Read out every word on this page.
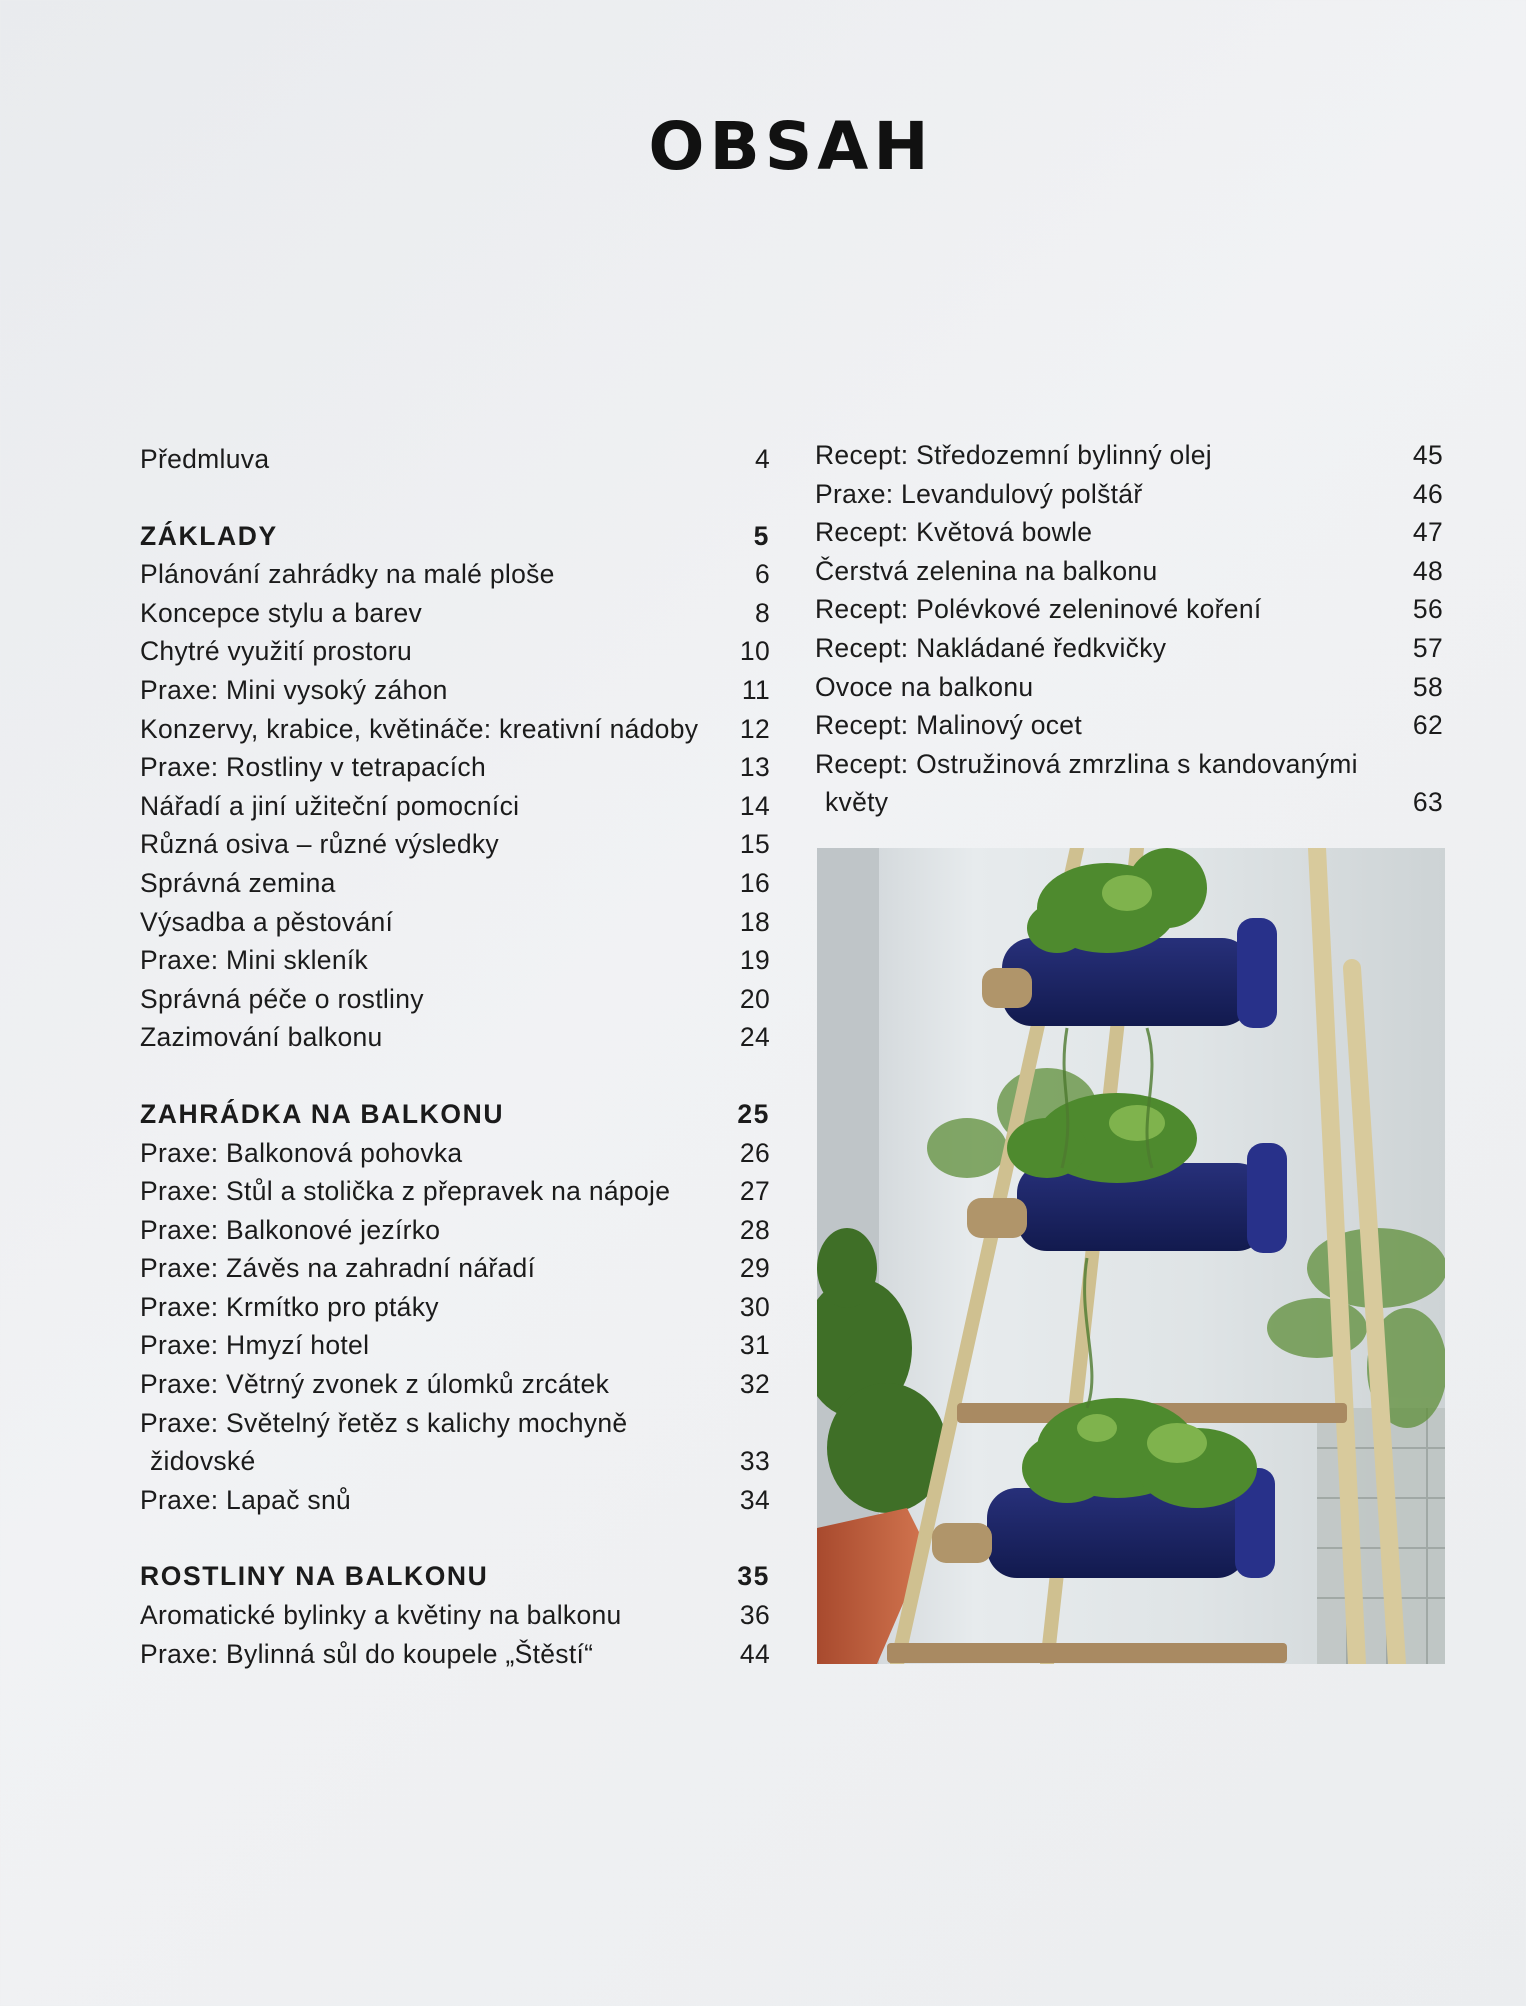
OBSAH
Předmluva	4
ZÁKLADY	5
Plánování zahrádky na malé ploše	6
Koncepce stylu a barev	8
Chytré využití prostoru	10
Praxe: Mini vysoký záhon	11
Konzervy, krabice, květináče: kreativní nádoby 12
Praxe: Rostliny v tetrapacích	13
Nářadí a jiní užiteční pomocníci	14
Různá osiva – různé výsledky	15
Správná zemina	16
Výsadba a pěstování	18
Praxe: Mini skleník	19
Správná péče o rostliny	20
Zazimování balkonu	24
ZAHRÁDKA NA BALKONU	25
Praxe: Balkonová pohovka	26
Praxe: Stůl a stolička z přepravek na nápoje	27
Praxe: Balkonové jezírko	28
Praxe: Závěs na zahradní nářadí	29
Praxe: Krmítko pro ptáky	30
Praxe: Hmyzí hotel	31
Praxe: Větrný zvonek z úlomků zrcátek	32
Praxe: Světelný řetěz s kalichy mochyně
židovské	33
Praxe: Lapač snů	34
ROSTLINY NA BALKONU	35
Aromatické bylinky a květiny na balkonu	36
Praxe: Bylinná sůl do koupele „Štěstí“	44
Recept: Středozemní bylinný olej	45
Praxe: Levandulový polštář	46
Recept: Květová bowle	47
Čerstvá zelenina na balkonu	48
Recept: Polévkové zeleninové koření	56
Recept: Nakládané ředkvičky	57
Ovoce na balkonu	58
Recept: Malinový ocet	62
Recept: Ostružinová zmrzlina s kandovanými
květy	63
